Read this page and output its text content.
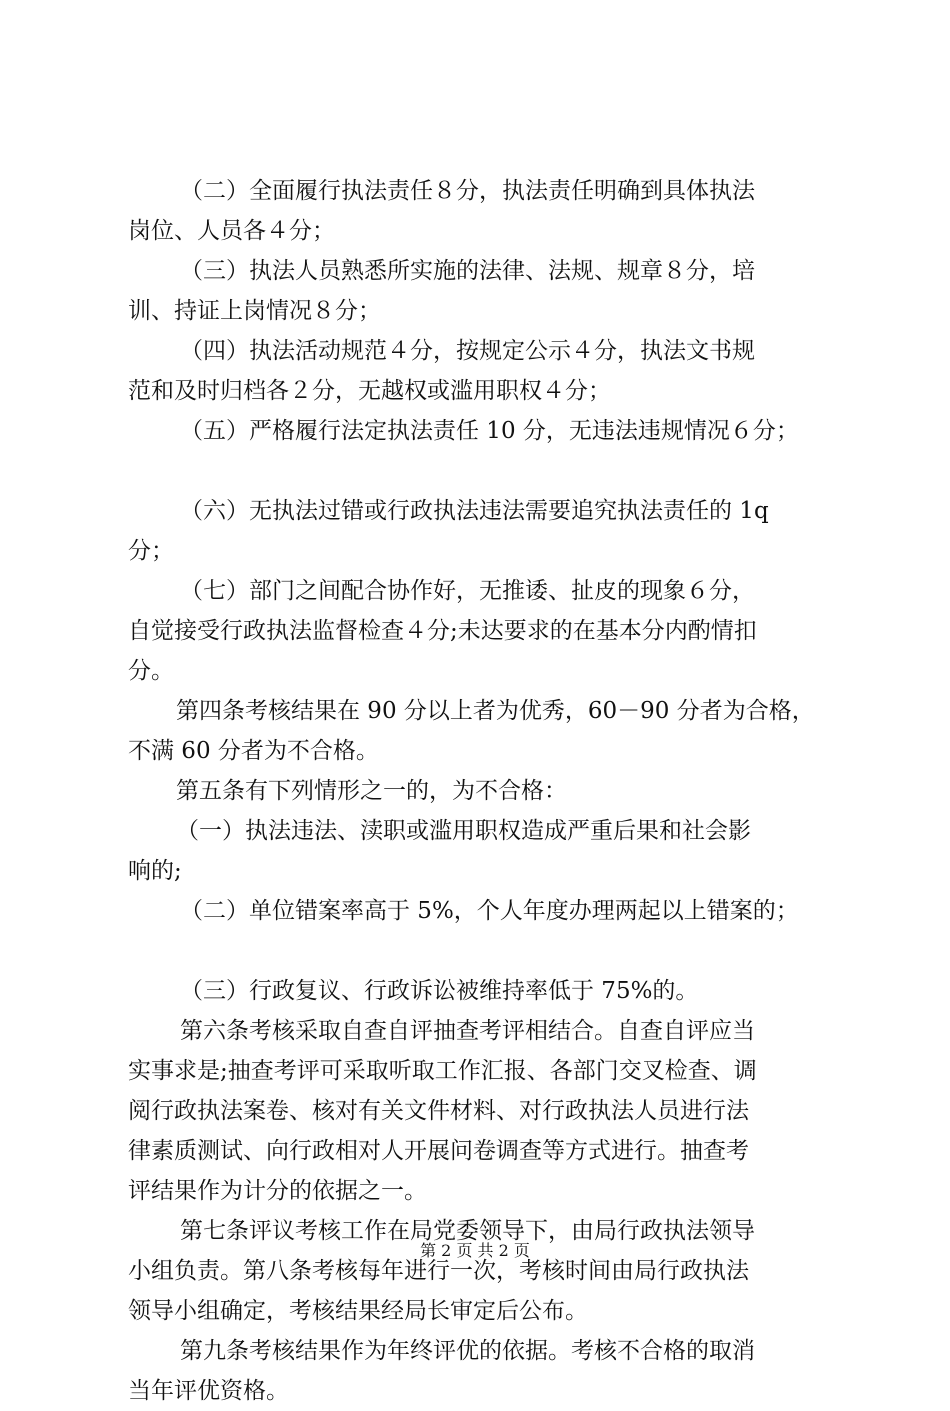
（二）全面履行执法责任８分，执法责任明确到具体执法
岗位、人员各４分；
（三）执法人员熟悉所实施的法律、法规、规章８分，培
训、持证上岗情况８分；
（四）执法活动规范４分，按规定公示４分，执法文书规
范和及时归档各２分，无越权或滥用职权４分；
（五）严格履行法定执法责任 10 分，无违法违规情况６分；
（六）无执法过错或行政执法违法需要追究执法责任的 1q
分；
（七）部门之间配合协作好，无推诿、扯皮的现象６分，
自觉接受行政执法监督检查４分;未达要求的在基本分内酌情扣
分。
第四条考核结果在 90 分以上者为优秀，60－90 分者为合格，
不满 60 分者为不合格。
第五条有下列情形之一的，为不合格：
（一）执法违法、渎职或滥用职权造成严重后果和社会影
响的;
（二）单位错案率高于 5%，个人年度办理两起以上错案的；
（三）行政复议、行政诉讼被维持率低于 75%的。
第六条考核采取自查自评抽查考评相结合。自查自评应当
实事求是;抽查考评可采取听取工作汇报、各部门交叉检查、调
阅行政执法案卷、核对有关文件材料、对行政执法人员进行法
律素质测试、向行政相对人开展问卷调查等方式进行。抽查考
评结果作为计分的依据之一。
第七条评议考核工作在局党委领导下，由局行政执法领导
小组负责。第八条考核每年进行一次，考核时间由局行政执法
领导小组确定，考核结果经局长审定后公布。
第九条考核结果作为年终评优的依据。考核不合格的取消
当年评优资格。
第 2 页 共 2 页
